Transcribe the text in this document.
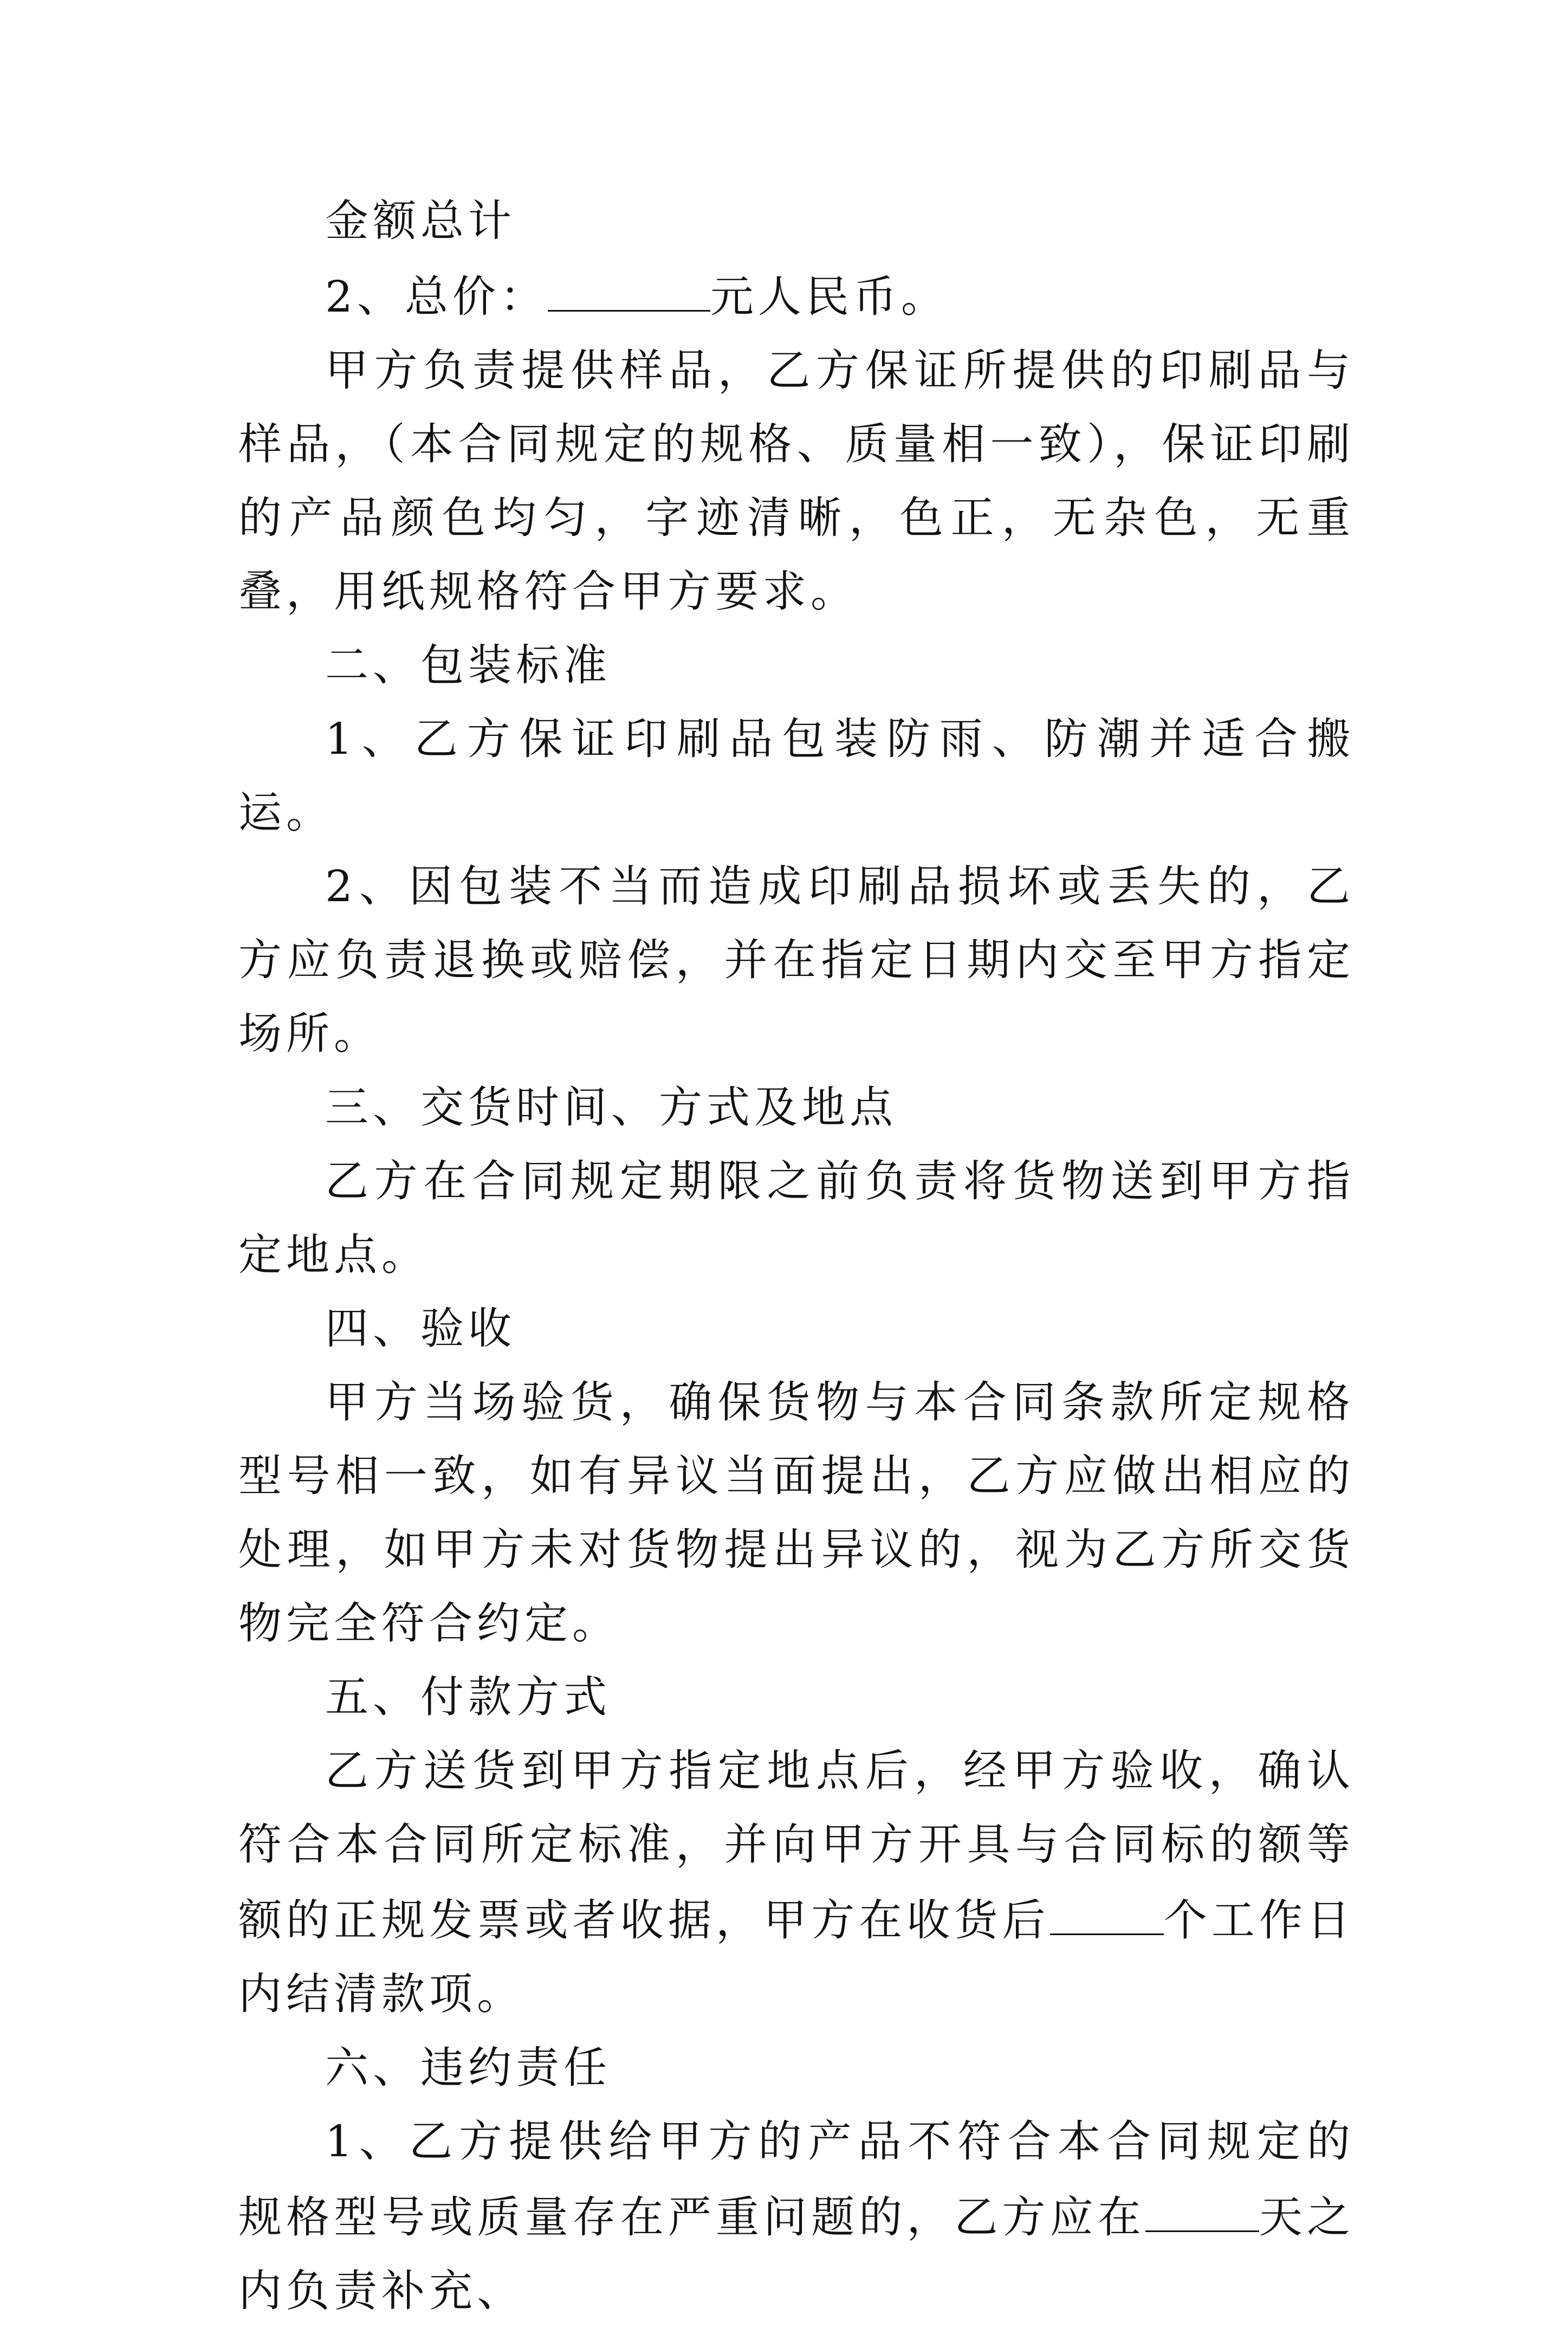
金额总计

2、总价：	元人民币。

甲方负责提供样品，乙方保证所提供的印刷品与样品，（本合同规定的规格、质量相一致），保证印刷的产品颜色均匀，字迹清晰，色正，无杂色，无重叠，用纸规格符合甲方要求。

二、包装标准

1、乙方保证印刷品包装防雨、防潮并适合搬运。

2、因包装不当而造成印刷品损坏或丢失的，乙方应负责退换或赔偿，并在指定日期内交至甲方指定场所。

三、交货时间、方式及地点

乙方在合同规定期限之前负责将货物送到甲方指定地点。

四、验收

甲方当场验货，确保货物与本合同条款所定规格型号相一致，如有异议当面提出，乙方应做出相应的处理，如甲方未对货物提出异议的，视为乙方所交货物完全符合约定。

五、付款方式

乙方送货到甲方指定地点后，经甲方验收，确认符合本合同所定标准，并向甲方开具与合同标的额等额的正规发票或者收据，甲方在收货后	个工作日内结清款项。

六、违约责任

1、乙方提供给甲方的产品不符合本合同规定的规格型号或质量存在严重问题的，乙方应在	天之内负责补充、
